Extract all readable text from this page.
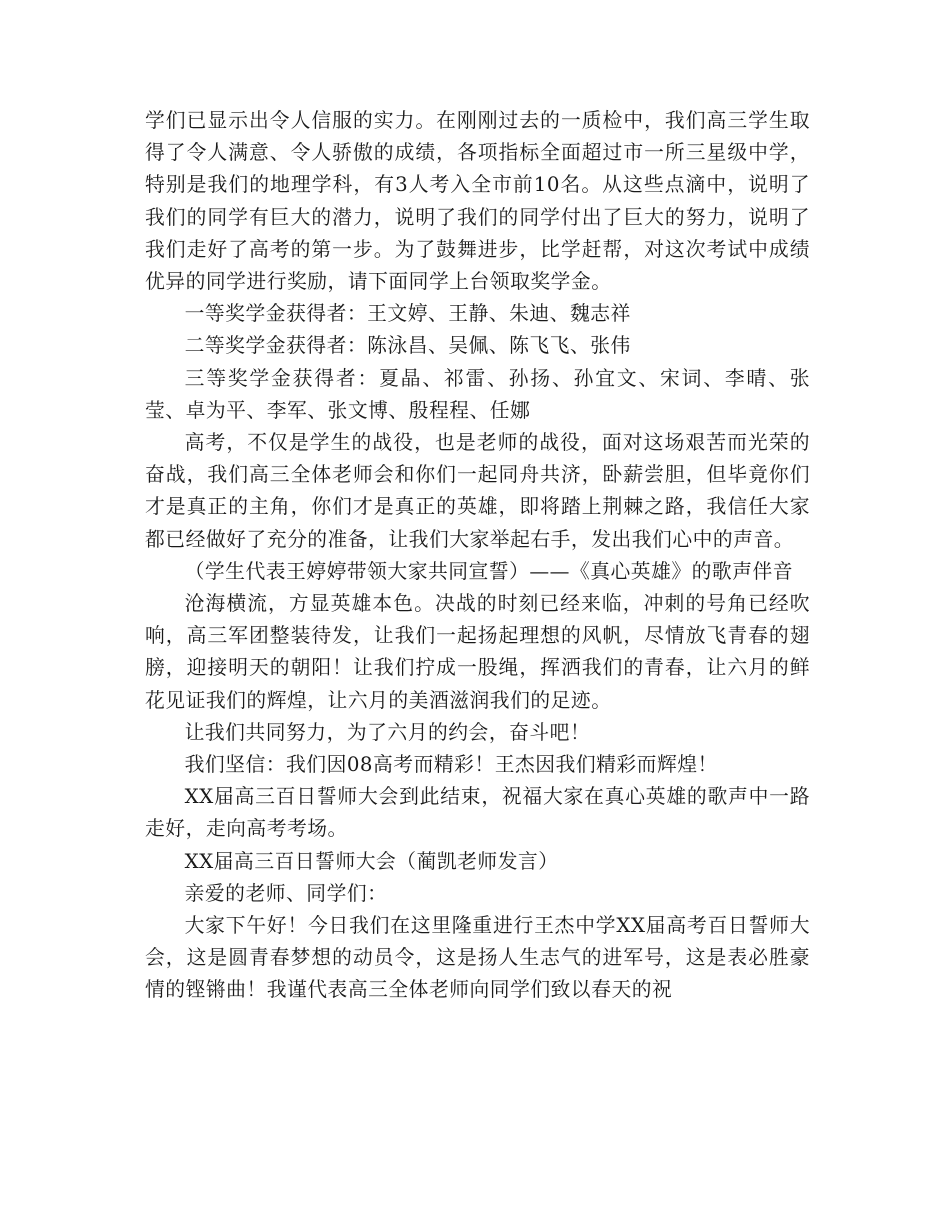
学们已显示出令人信服的实力。在刚刚过去的一质检中，我们高三学生取得了令人满意、令人骄傲的成绩，各项指标全面超过市一所三星级中学，特别是我们的地理学科，有3人考入全市前10名。从这些点滴中，说明了我们的同学有巨大的潜力，说明了我们的同学付出了巨大的努力，说明了我们走好了高考的第一步。为了鼓舞进步，比学赶帮，对这次考试中成绩优异的同学进行奖励，请下面同学上台领取奖学金。

一等奖学金获得者：王文婷、王静、朱迪、魏志祥

二等奖学金获得者：陈泳昌、吴佩、陈飞飞、张伟

三等奖学金获得者：夏晶、祁雷、孙扬、孙宜文、宋词、李晴、张莹、卓为平、李军、张文博、殷程程、任娜

高考，不仅是学生的战役，也是老师的战役，面对这场艰苦而光荣的奋战，我们高三全体老师会和你们一起同舟共济，卧薪尝胆，但毕竟你们才是真正的主角，你们才是真正的英雄，即将踏上荆棘之路，我信任大家都已经做好了充分的准备，让我们大家举起右手，发出我们心中的声音。

（学生代表王婷婷带领大家共同宣誓）——《真心英雄》的歌声伴音

沧海横流，方显英雄本色。决战的时刻已经来临，冲刺的号角已经吹响，高三军团整装待发，让我们一起扬起理想的风帆，尽情放飞青春的翅膀，迎接明天的朝阳！让我们拧成一股绳，挥洒我们的青春，让六月的鲜花见证我们的辉煌，让六月的美酒滋润我们的足迹。

让我们共同努力，为了六月的约会，奋斗吧！

我们坚信：我们因08高考而精彩！王杰因我们精彩而辉煌！

XX届高三百日誓师大会到此结束，祝福大家在真心英雄的歌声中一路走好，走向高考考场。

XX届高三百日誓师大会（蔺凯老师发言）

亲爱的老师、同学们：

大家下午好！今日我们在这里隆重进行王杰中学XX届高考百日誓师大会，这是圆青春梦想的动员令，这是扬人生志气的进军号，这是表必胜豪情的铿锵曲！我谨代表高三全体老师向同学们致以春天的祝
